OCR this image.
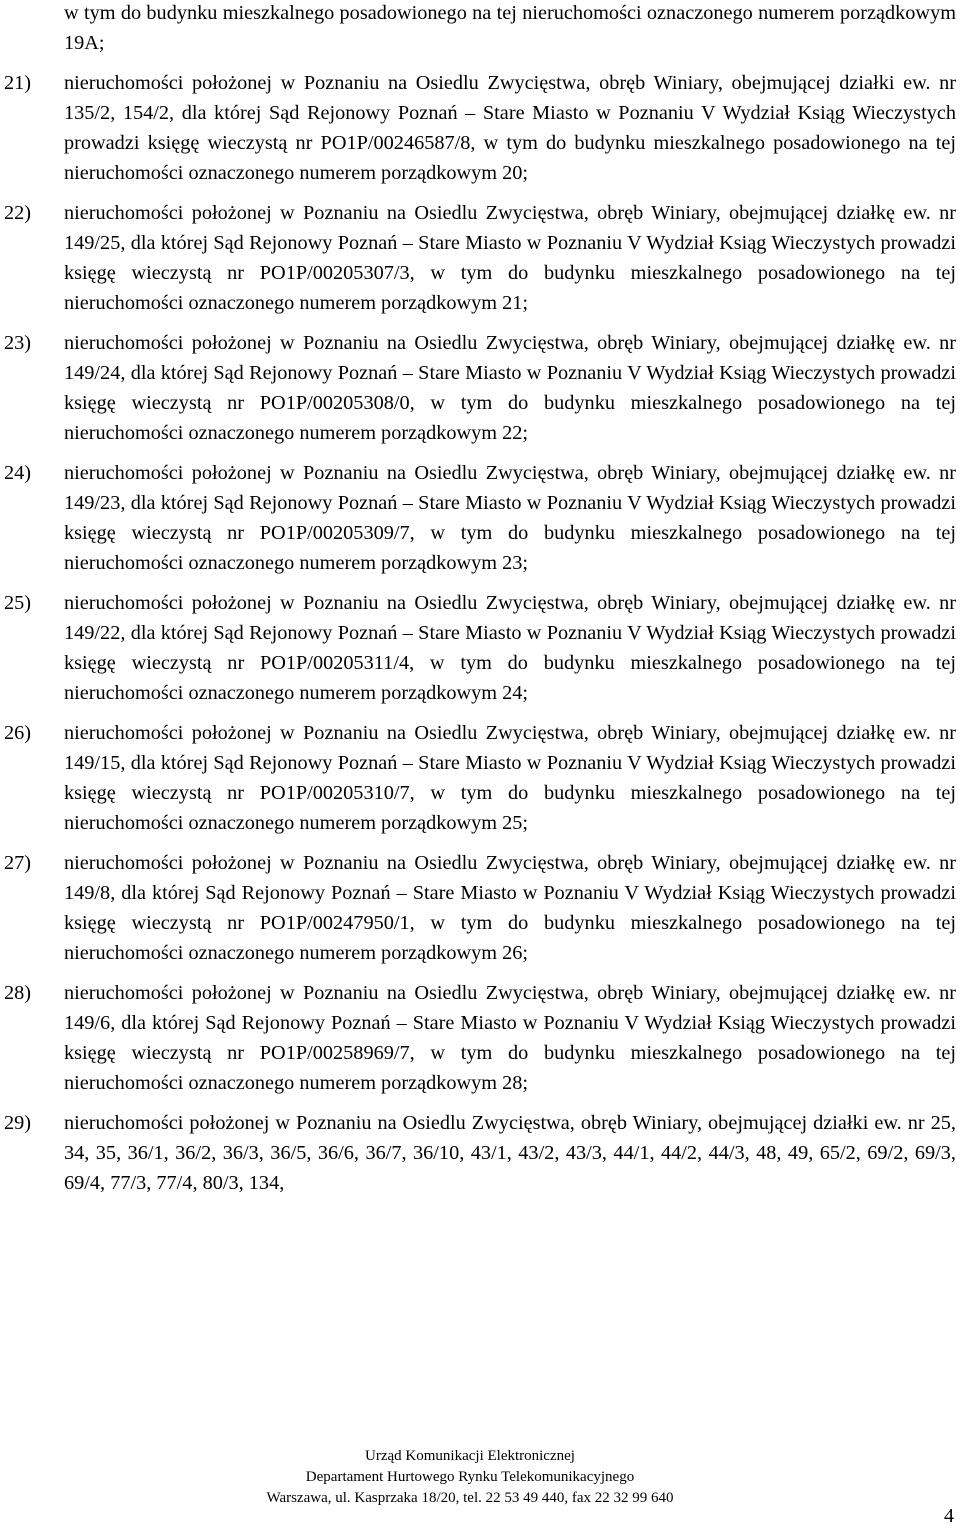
w tym do budynku mieszkalnego posadowionego na tej nieruchomości oznaczonego numerem porządkowym 19A;
21) nieruchomości położonej w Poznaniu na Osiedlu Zwycięstwa, obręb Winiary, obejmującej działki ew. nr 135/2, 154/2, dla której Sąd Rejonowy Poznań – Stare Miasto w Poznaniu V Wydział Ksiąg Wieczystych prowadzi księgę wieczystą nr PO1P/00246587/8, w tym do budynku mieszkalnego posadowionego na tej nieruchomości oznaczonego numerem porządkowym 20;
22) nieruchomości położonej w Poznaniu na Osiedlu Zwycięstwa, obręb Winiary, obejmującej działkę ew. nr 149/25, dla której Sąd Rejonowy Poznań – Stare Miasto w Poznaniu V Wydział Ksiąg Wieczystych prowadzi księgę wieczystą nr PO1P/00205307/3, w tym do budynku mieszkalnego posadowionego na tej nieruchomości oznaczonego numerem porządkowym 21;
23) nieruchomości położonej w Poznaniu na Osiedlu Zwycięstwa, obręb Winiary, obejmującej działkę ew. nr 149/24, dla której Sąd Rejonowy Poznań – Stare Miasto w Poznaniu V Wydział Ksiąg Wieczystych prowadzi księgę wieczystą nr PO1P/00205308/0, w tym do budynku mieszkalnego posadowionego na tej nieruchomości oznaczonego numerem porządkowym 22;
24) nieruchomości położonej w Poznaniu na Osiedlu Zwycięstwa, obręb Winiary, obejmującej działkę ew. nr 149/23, dla której Sąd Rejonowy Poznań – Stare Miasto w Poznaniu V Wydział Ksiąg Wieczystych prowadzi księgę wieczystą nr PO1P/00205309/7, w tym do budynku mieszkalnego posadowionego na tej nieruchomości oznaczonego numerem porządkowym 23;
25) nieruchomości położonej w Poznaniu na Osiedlu Zwycięstwa, obręb Winiary, obejmującej działkę ew. nr 149/22, dla której Sąd Rejonowy Poznań – Stare Miasto w Poznaniu V Wydział Ksiąg Wieczystych prowadzi księgę wieczystą nr PO1P/00205311/4, w tym do budynku mieszkalnego posadowionego na tej nieruchomości oznaczonego numerem porządkowym 24;
26) nieruchomości położonej w Poznaniu na Osiedlu Zwycięstwa, obręb Winiary, obejmującej działkę ew. nr 149/15, dla której Sąd Rejonowy Poznań – Stare Miasto w Poznaniu V Wydział Ksiąg Wieczystych prowadzi księgę wieczystą nr PO1P/00205310/7, w tym do budynku mieszkalnego posadowionego na tej nieruchomości oznaczonego numerem porządkowym 25;
27) nieruchomości położonej w Poznaniu na Osiedlu Zwycięstwa, obręb Winiary, obejmującej działkę ew. nr 149/8, dla której Sąd Rejonowy Poznań – Stare Miasto w Poznaniu V Wydział Ksiąg Wieczystych prowadzi księgę wieczystą nr PO1P/00247950/1, w tym do budynku mieszkalnego posadowionego na tej nieruchomości oznaczonego numerem porządkowym 26;
28) nieruchomości położonej w Poznaniu na Osiedlu Zwycięstwa, obręb Winiary, obejmującej działkę ew. nr 149/6, dla której Sąd Rejonowy Poznań – Stare Miasto w Poznaniu V Wydział Ksiąg Wieczystych prowadzi księgę wieczystą nr PO1P/00258969/7, w tym do budynku mieszkalnego posadowionego na tej nieruchomości oznaczonego numerem porządkowym 28;
29) nieruchomości położonej w Poznaniu na Osiedlu Zwycięstwa, obręb Winiary, obejmującej działki ew. nr 25, 34, 35, 36/1, 36/2, 36/3, 36/5, 36/6, 36/7, 36/10, 43/1, 43/2, 43/3, 44/1, 44/2, 44/3, 48, 49, 65/2, 69/2, 69/3, 69/4, 77/3, 77/4, 80/3, 134,
Urząd Komunikacji Elektronicznej
Departament Hurtowego Rynku Telekomunikacyjnego
Warszawa, ul. Kasprzaka 18/20, tel. 22 53 49 440, fax 22 32 99 640
4
